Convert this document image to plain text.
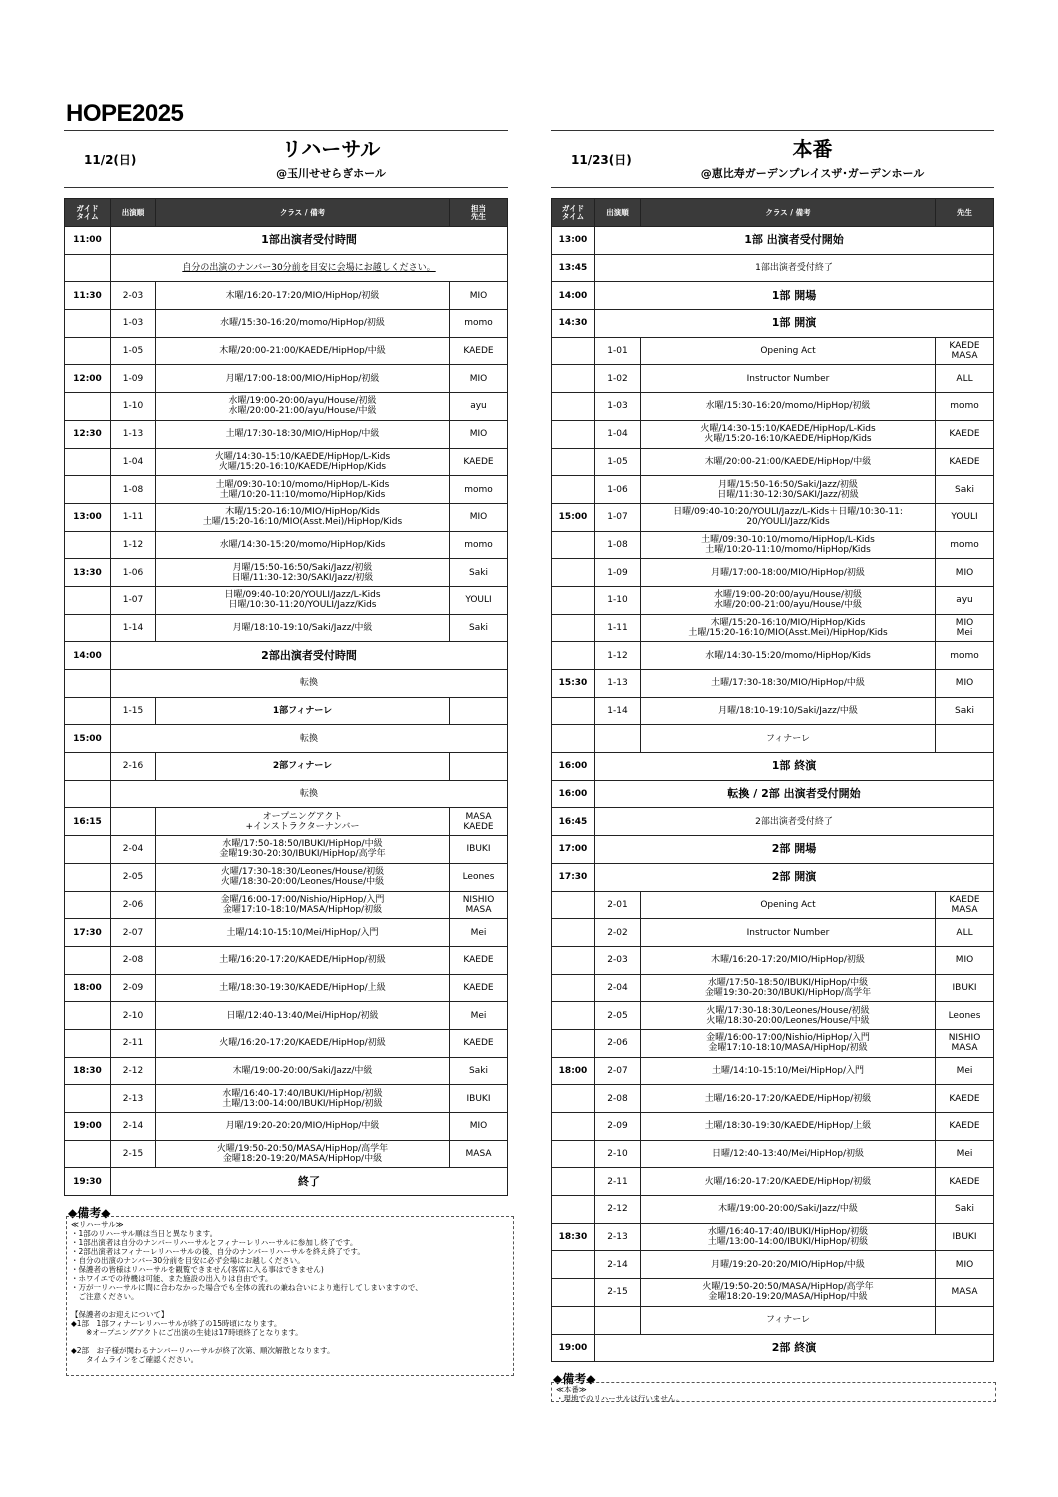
HOPE2025
11/2(日)	リハーサル
@玉川せせらぎホール
ガイド
タイム	出演順	クラス / 備考	担当
先生
11:00	1部出演者受付時間		
	自分の出演のナンバー30分前を目安に会場にお越しください。		
11:30	2-03	木曜/16:20-17:20/MIO/HipHop/初級	MIO
	1-03	水曜/15:30-16:20/momo/HipHop/初級	momo
	1-05	木曜/20:00-21:00/KAEDE/HipHop/中級	KAEDE
12:00	1-09	月曜/17:00-18:00/MIO/HipHop/初級	MIO
	1-10	水曜/19:00-20:00/ayu/House/初級
水曜/20:00-21:00/ayu/House/中級	ayu
12:30	1-13	土曜/17:30-18:30/MIO/HipHop/中級	MIO
	1-04	火曜/14:30-15:10/KAEDE/HipHop/L-Kids
火曜/15:20-16:10/KAEDE/HipHop/Kids	KAEDE
	1-08	土曜/09:30-10:10/momo/HipHop/L-Kids
土曜/10:20-11:10/momo/HipHop/Kids	momo
13:00	1-11	木曜/15:20-16:10/MIO/HipHop/Kids
土曜/15:20-16:10/MIO(Asst.Mei)/HipHop/Kids	MIO
	1-12	水曜/14:30-15:20/momo/HipHop/Kids	momo
13:30	1-06	月曜/15:50-16:50/Saki/Jazz/初級
日曜/11:30-12:30/SAKI/Jazz/初級	Saki
	1-07	日曜/09:40-10:20/YOULI/Jazz/L-Kids
日曜/10:30-11:20/YOULI/Jazz/Kids	YOULI
	1-14	月曜/18:10-19:10/Saki/Jazz/中級	Saki
14:00	2部出演者受付時間		
	転換		
	1-15	1部フィナーレ	
15:00	転換		
	2-16	2部フィナーレ	
	転換		
16:15		オープニングアクト
+インストラクターナンバー	MASA
KAEDE
	2-04	水曜/17:50-18:50/IBUKI/HipHop/中級
金曜19:30-20:30/IBUKI/HipHop/高学年	IBUKI
	2-05	火曜/17:30-18:30/Leones/House/初級
火曜/18:30-20:00/Leones/House/中級	Leones
	2-06	金曜/16:00-17:00/Nishio/HipHop/入門
金曜17:10-18:10/MASA/HipHop/初級	NISHIO
MASA
17:30	2-07	土曜/14:10-15:10/Mei/HipHop/入門	Mei
	2-08	土曜/16:20-17:20/KAEDE/HipHop/初級	KAEDE
18:00	2-09	土曜/18:30-19:30/KAEDE/HipHop/上級	KAEDE
	2-10	日曜/12:40-13:40/Mei/HipHop/初級	Mei
	2-11	火曜/16:20-17:20/KAEDE/HipHop/初級	KAEDE
18:30	2-12	木曜/19:00-20:00/Saki/Jazz/中級	Saki
	2-13	水曜/16:40-17:40/IBUKI/HipHop/初級
土曜/13:00-14:00/IBUKI/HipHop/初級	IBUKI
19:00	2-14	月曜/19:20-20:20/MIO/HipHop/中級	MIO
	2-15	火曜/19:50-20:50/MASA/HipHop/高学年
金曜18:20-19:20/MASA/HipHop/中級	MASA
19:30	終了		
11/23(日)	本番
@恵比寿ガーデンプレイスザ･ガーデンホール
ガイド
タイム	出演順	クラス / 備考	先生
13:00	1部 出演者受付開始		
13:45	1部出演者受付終了		
14:00	1部 開場		
14:30	1部 開演		
	1-01	Opening Act	KAEDE
MASA
	1-02	Instructor Number	ALL
	1-03	水曜/15:30-16:20/momo/HipHop/初級	momo
	1-04	火曜/14:30-15:10/KAEDE/HipHop/L-Kids
火曜/15:20-16:10/KAEDE/HipHop/Kids	KAEDE
	1-05	木曜/20:00-21:00/KAEDE/HipHop/中級	KAEDE
	1-06	月曜/15:50-16:50/Saki/Jazz/初級
日曜/11:30-12:30/SAKI/Jazz/初級	Saki
15:00	1-07	日曜/09:40-10:20/YOULI/Jazz/L-Kids＋日曜/10:30-11:
20/YOULI/Jazz/Kids	YOULI
	1-08	土曜/09:30-10:10/momo/HipHop/L-Kids
土曜/10:20-11:10/momo/HipHop/Kids	momo
	1-09	月曜/17:00-18:00/MIO/HipHop/初級	MIO
	1-10	水曜/19:00-20:00/ayu/House/初級
水曜/20:00-21:00/ayu/House/中級	ayu
	1-11	木曜/15:20-16:10/MIO/HipHop/Kids
土曜/15:20-16:10/MIO(Asst.Mei)/HipHop/Kids	MIO
Mei
	1-12	水曜/14:30-15:20/momo/HipHop/Kids	momo
15:30	1-13	土曜/17:30-18:30/MIO/HipHop/中級	MIO
	1-14	月曜/18:10-19:10/Saki/Jazz/中級	Saki
		フィナーレ	
16:00	1部 終演		
16:00	転換 / 2部 出演者受付開始		
16:45	2部出演者受付終了		
17:00	2部 開場		
17:30	2部 開演		
	2-01	Opening Act	KAEDE
MASA
	2-02	Instructor Number	ALL
	2-03	木曜/16:20-17:20/MIO/HipHop/初級	MIO
	2-04	水曜/17:50-18:50/IBUKI/HipHop/中級
金曜19:30-20:30/IBUKI/HipHop/高学年	IBUKI
	2-05	火曜/17:30-18:30/Leones/House/初級
火曜/18:30-20:00/Leones/House/中級	Leones
	2-06	金曜/16:00-17:00/Nishio/HipHop/入門
金曜17:10-18:10/MASA/HipHop/初級	NISHIO
MASA
18:00	2-07	土曜/14:10-15:10/Mei/HipHop/入門	Mei
	2-08	土曜/16:20-17:20/KAEDE/HipHop/初級	KAEDE
	2-09	土曜/18:30-19:30/KAEDE/HipHop/上級	KAEDE
	2-10	日曜/12:40-13:40/Mei/HipHop/初級	Mei
	2-11	火曜/16:20-17:20/KAEDE/HipHop/初級	KAEDE
	2-12	木曜/19:00-20:00/Saki/Jazz/中級	Saki
18:30	2-13	水曜/16:40-17:40/IBUKI/HipHop/初級
土曜/13:00-14:00/IBUKI/HipHop/初級	IBUKI
	2-14	月曜/19:20-20:20/MIO/HipHop/中級	MIO
	2-15	火曜/19:50-20:50/MASA/HipHop/高学年
金曜18:20-19:20/MASA/HipHop/中級	MASA
		フィナーレ	
19:00	2部 終演		
◆備考◆
≪リハーサル≫
・1部のリハーサル順は当日と異なります。
・1部出演者は自分のナンバーリハーサルとフィナーレリハーサルに参加し終了です。
・2部出演者はフィナーレリハーサルの後、自分のナンバーリハーサルを終え終了です。
・自分の出演のナンバー30分前を目安に必ず会場にお越しください。
・保護者の皆様はリハーサルを観覧できません(客席に入る事はできません)
・ホワイエでの待機は可能、また施設の出入りは自由です。
・万が一リハーサルに間に合わなかった場合でも全体の流れの兼ね合いにより進行してしまいますので、
　ご注意ください。

【保護者のお迎えについて】
◆1部　1部フィナーレリハーサルが終了の15時頃になります。
　　※オープニングアクトにご出演の生徒は17時頃終了となります。

◆2部　お子様が関わるナンバーリハーサルが終了次第、順次解散となります。
　　タイムラインをご確認ください。
◆備考◆
≪本番≫
・現地でのリハーサルは行いません。
